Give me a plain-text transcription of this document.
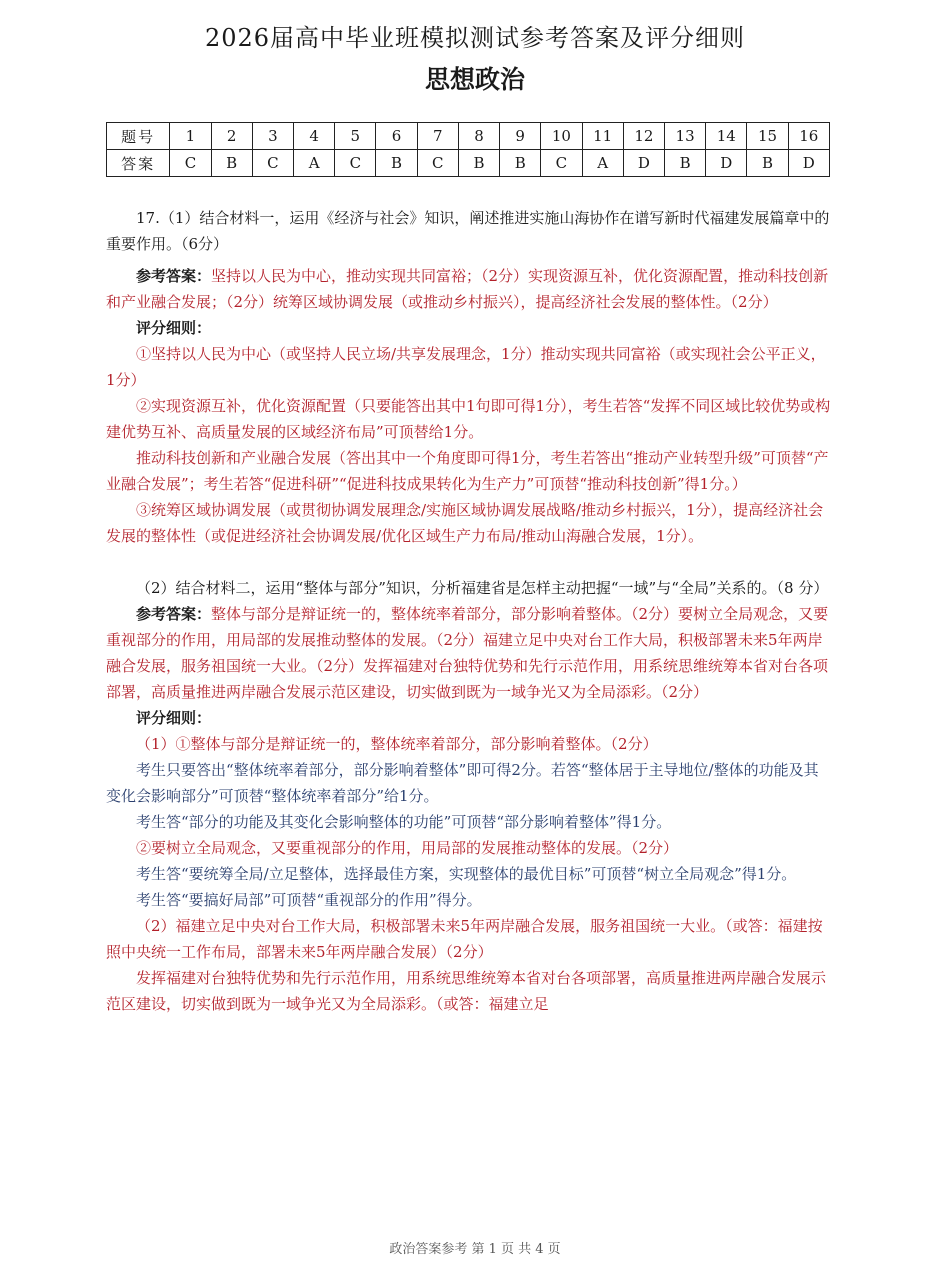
2026届高中毕业班模拟测试参考答案及评分细则
思想政治
题号	1	2	3	4	5	6	7	8	9	10	11	12	13	14	15	16
答案	C	B	C	A	C	B	C	B	B	C	A	D	B	D	B	D

17.（1）结合材料一，运用《经济与社会》知识，阐述推进实施山海协作在谱写新时代福建发展篇章中的重要作用。（6分）

参考答案：坚持以人民为中心，推动实现共同富裕；（2分）实现资源互补，优化资源配置，推动科技创新和产业融合发展；（2分）统筹区域协调发展（或推动乡村振兴），提高经济社会发展的整体性。（2分）

评分细则：

①坚持以人民为中心（或坚持人民立场/共享发展理念，1分）推动实现共同富裕（或实现社会公平正义，1分）

②实现资源互补，优化资源配置（只要能答出其中1句即可得1分），考生若答“发挥不同区域比较优势或构建优势互补、高质量发展的区域经济布局”可顶替给1分。

推动科技创新和产业融合发展（答出其中一个角度即可得1分，考生若答出“推动产业转型升级”可顶替“产业融合发展”；考生若答“促进科研”“促进科技成果转化为生产力”可顶替“推动科技创新”得1分。）

③统筹区域协调发展（或贯彻协调发展理念/实施区域协调发展战略/推动乡村振兴，1分），提高经济社会发展的整体性（或促进经济社会协调发展/优化区域生产力布局/推动山海融合发展，1分）。

（2）结合材料二，运用“整体与部分”知识，分析福建省是怎样主动把握“一域”与“全局”关系的。（8 分）

参考答案：整体与部分是辩证统一的，整体统率着部分，部分影响着整体。（2分）要树立全局观念，又要重视部分的作用，用局部的发展推动整体的发展。（2分）福建立足中央对台工作大局，积极部署未来5年两岸融合发展，服务祖国统一大业。（2分）发挥福建对台独特优势和先行示范作用，用系统思维统筹本省对台各项部署，高质量推进两岸融合发展示范区建设，切实做到既为一域争光又为全局添彩。（2分）

评分细则：

（1）①整体与部分是辩证统一的，整体统率着部分，部分影响着整体。（2分）

考生只要答出“整体统率着部分，部分影响着整体”即可得2分。若答“整体居于主导地位/整体的功能及其变化会影响部分”可顶替“整体统率着部分”给1分。

考生答“部分的功能及其变化会影响整体的功能”可顶替“部分影响着整体”得1分。

②要树立全局观念，又要重视部分的作用，用局部的发展推动整体的发展。（2分）

考生答“要统筹全局/立足整体，选择最佳方案，实现整体的最优目标”可顶替“树立全局观念”得1分。

考生答“要搞好局部”可顶替“重视部分的作用”得分。

（2）福建立足中央对台工作大局，积极部署未来5年两岸融合发展，服务祖国统一大业。（或答：福建按照中央统一工作布局，部署未来5年两岸融合发展）（2分）

发挥福建对台独特优势和先行示范作用，用系统思维统筹本省对台各项部署，高质量推进两岸融合发展示范区建设，切实做到既为一域争光又为全局添彩。（或答：福建立足

政治答案参考 第 1 页 共 4 页
